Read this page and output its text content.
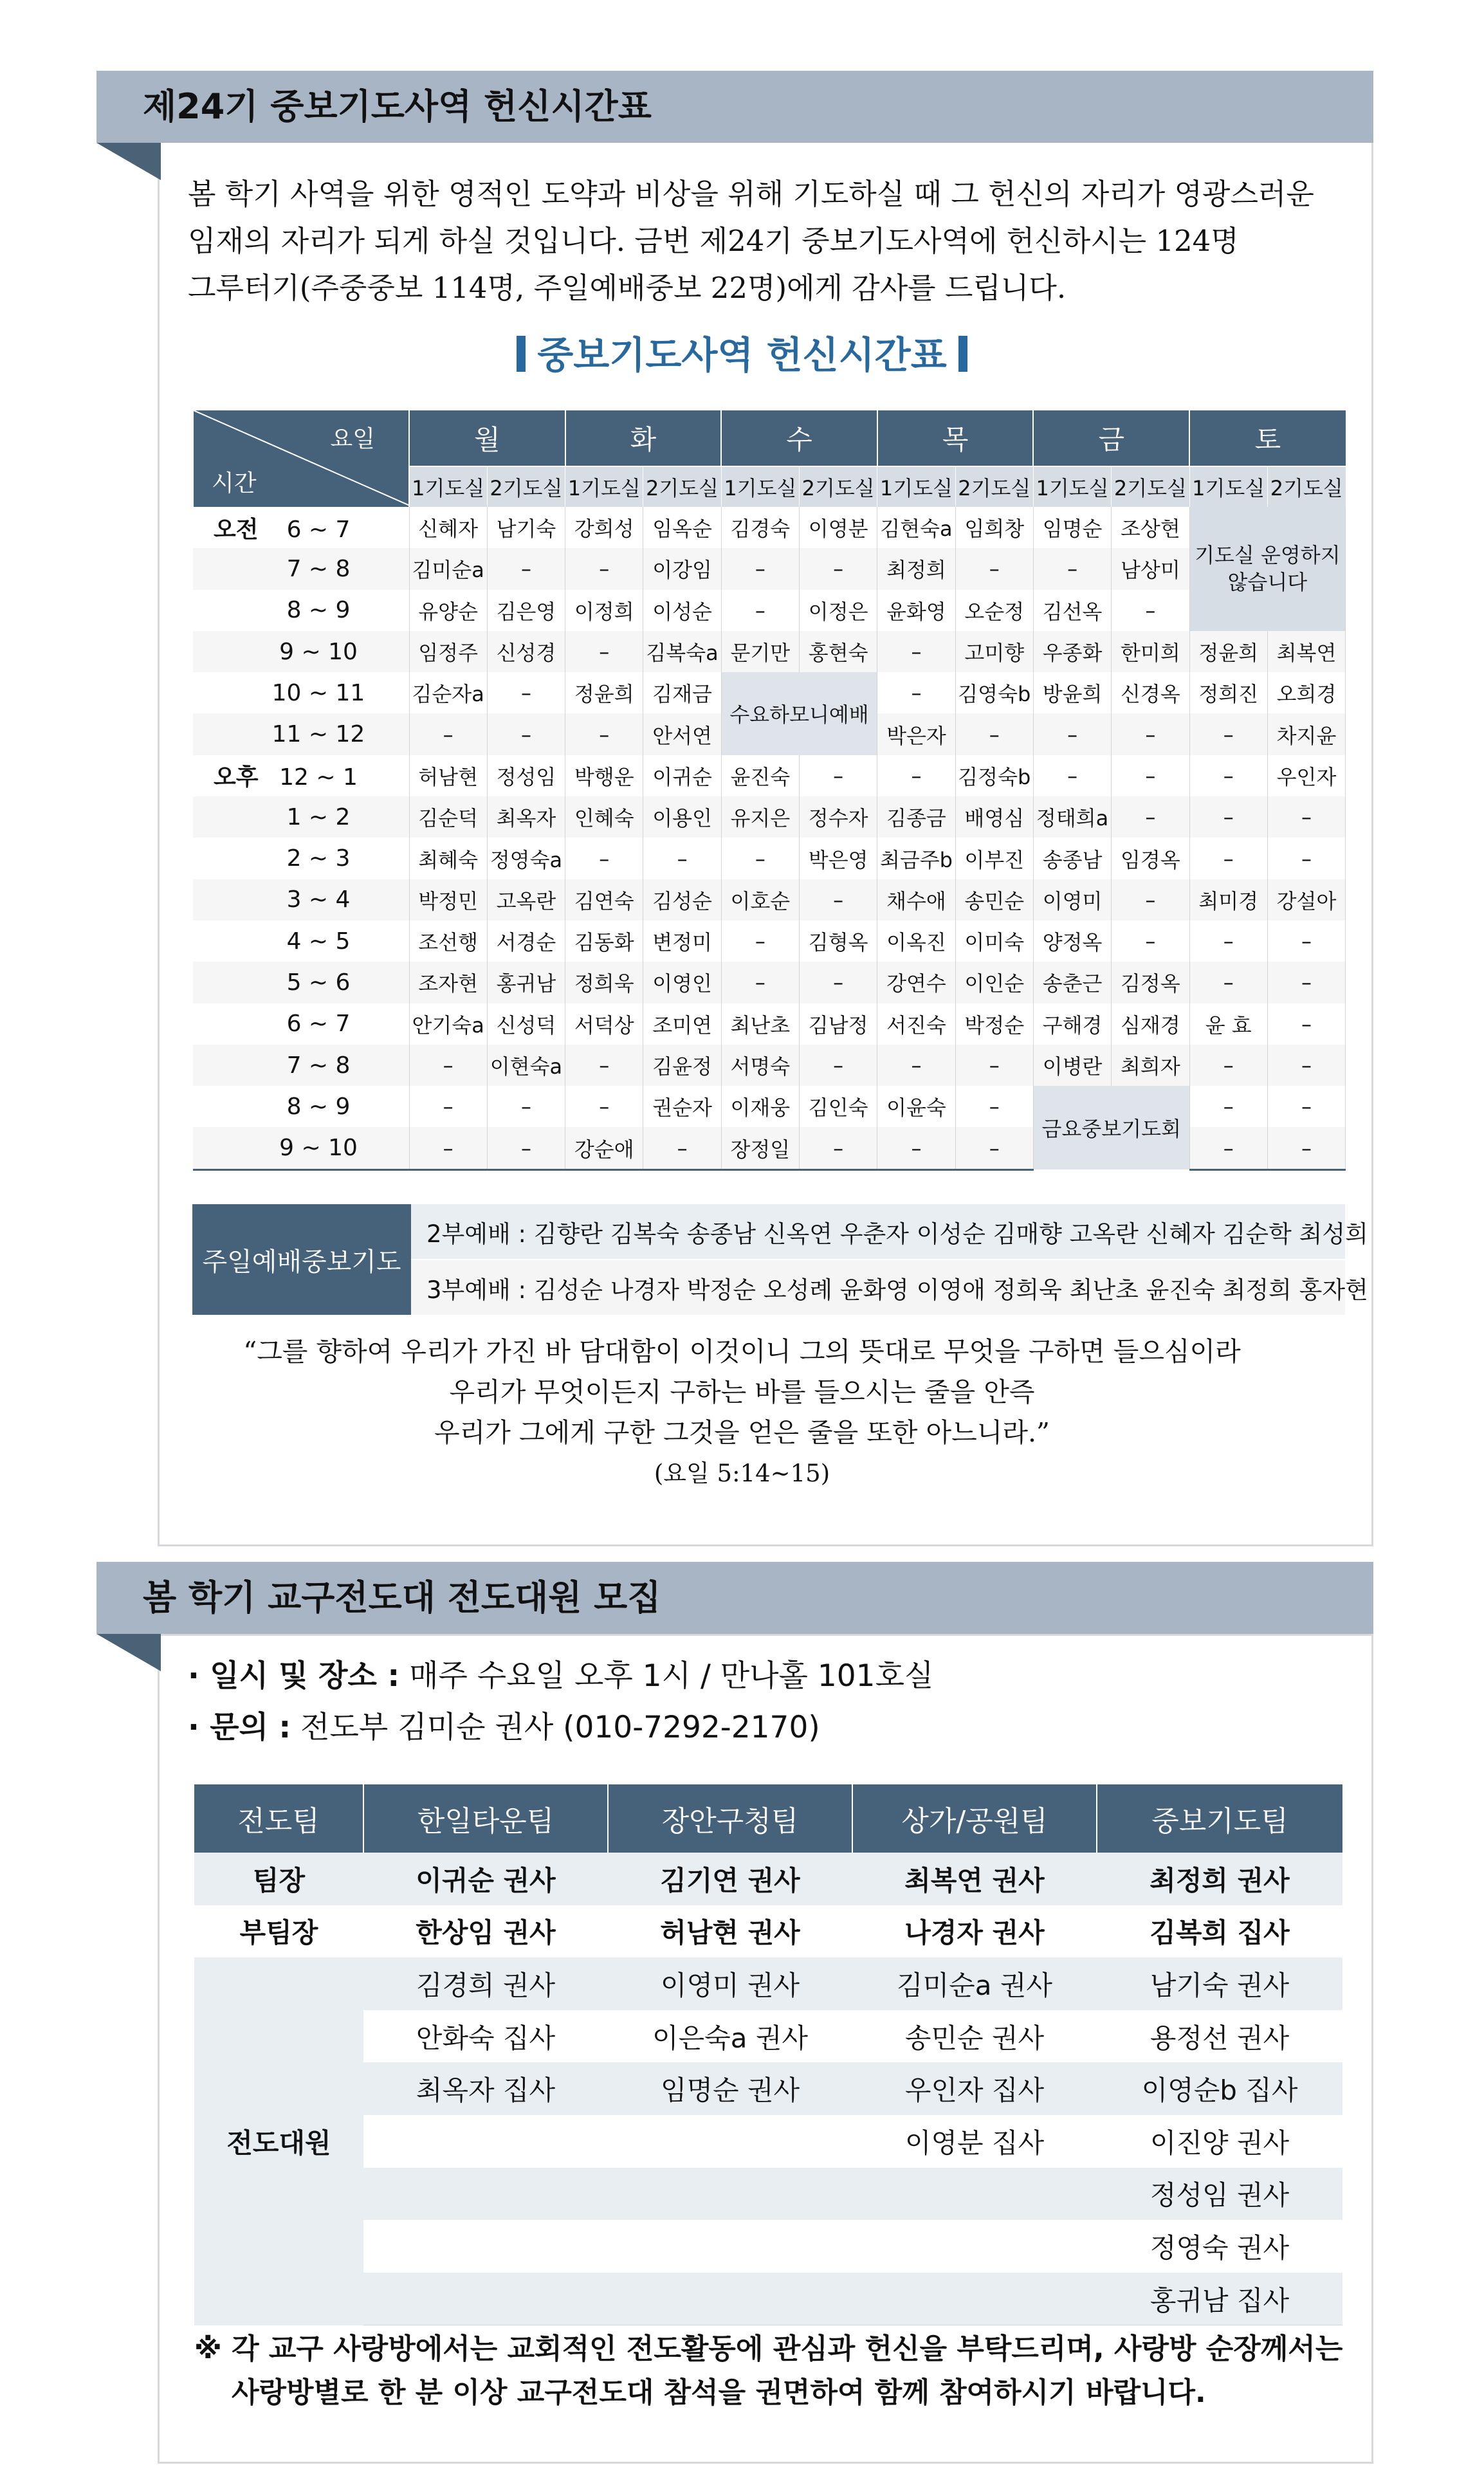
제24기 중보기도사역 헌신시간표

봄 학기 사역을 위한 영적인 도약과 비상을 위해 기도하실 때 그 헌신의 자리가 영광스러운

임재의 자리가 되게 하실 것입니다. 금번 제24기 중보기도사역에 헌신하시는 124명

그루터기(주중중보 114명, 주일예배중보 22명)에게 감사를 드립니다.

중보기도사역 헌신시간표
요일
시간	월		화		수		목		금		토	
	1기도실	2기도실	1기도실	2기도실	1기도실	2기도실	1기도실	2기도실	1기도실	2기도실	1기도실	2기도실
오전 6 ~ 7	신혜자	남기숙	강희성	임옥순	김경숙	이영분	김현숙a	임희창	임명순	조상현	기도실 운영하지 않습니다	
7 ~ 8	김미순a	–	–	이강임	–	–	최정희	–	–	남상미		
8 ~ 9	유양순	김은영	이정희	이성순	–	이정은	윤화영	오순정	김선옥	–		
9 ~ 10	임정주	신성경	–	김복숙a	문기만	홍현숙	–	고미향	우종화	한미희	정윤희	최복연
10 ~ 11	김순자a	–	정윤희	김재금	수요하모니예배		–	김영숙b	방윤희	신경옥	정희진	오희경
11 ~ 12	–	–	–	안서연			박은자	–	–	–	–	차지윤
오후 12 ~ 1	허남현	정성임	박행운	이귀순	윤진숙	–	–	김정숙b	–	–	–	우인자
1 ~ 2	김순덕	최옥자	인혜숙	이용인	유지은	정수자	김종금	배영심	정태희a	–	–	–
2 ~ 3	최혜숙	정영숙a	–	–	–	박은영	최금주b	이부진	송종남	임경옥	–	–
3 ~ 4	박정민	고옥란	김연숙	김성순	이호순	–	채수애	송민순	이영미	–	최미경	강설아
4 ~ 5	조선행	서경순	김동화	변정미	–	김형옥	이옥진	이미숙	양정옥	–	–	–
5 ~ 6	조자현	홍귀남	정희욱	이영인	–	–	강연수	이인순	송춘근	김정옥	–	–
6 ~ 7	안기숙a	신성덕	서덕상	조미연	최난초	김남정	서진숙	박정순	구해경	심재경	윤 효	–
7 ~ 8	–	이현숙a	–	김윤정	서명숙	–	–	–	이병란	최희자	–	–
8 ~ 9	–	–	–	권순자	이재웅	김인숙	이윤숙	–	금요중보기도회		–	–
9 ~ 10	–	–	강순애	–	장정일	–	–	–			–	–
주일예배중보기도	2부예배 : 김향란 김복숙 송종남 신옥연 우춘자 이성순 김매향 고옥란 신혜자 김순학 최성희
3부예배 : 김성순 나경자 박정순 오성례 윤화영 이영애 정희욱 최난초 윤진숙 최정희 홍자현

“그를 향하여 우리가 가진 바 담대함이 이것이니 그의 뜻대로 무엇을 구하면 들으심이라

우리가 무엇이든지 구하는 바를 들으시는 줄을 안즉

우리가 그에게 구한 그것을 얻은 줄을 또한 아느니라.”

(요일 5:14~15)

봄 학기 교구전도대 전도대원 모집
· 일시 및 장소 : 매주 수요일 오후 1시 / 만나홀 101호실
· 문의 : 전도부 김미순 권사 (010-7292-2170)
전도팀	한일타운팀	장안구청팀	상가/공원팀	중보기도팀
팀장	이귀순 권사	김기연 권사	최복연 권사	최정희 권사
부팀장	한상임 권사	허남현 권사	나경자 권사	김복희 집사
전도대원	김경희 권사	이영미 권사	김미순a 권사	남기숙 권사
	안화숙 집사	이은숙a 권사	송민순 권사	용정선 권사
	최옥자 집사	임명순 권사	우인자 집사	이영순b 집사
			이영분 집사	이진양 권사
				정성임 권사
				정영숙 권사
				홍귀남 집사

※ 각 교구 사랑방에서는 교회적인 전도활동에 관심과 헌신을 부탁드리며, 사랑방 순장께서는

사랑방별로 한 분 이상 교구전도대 참석을 권면하여 함께 참여하시기 바랍니다.
